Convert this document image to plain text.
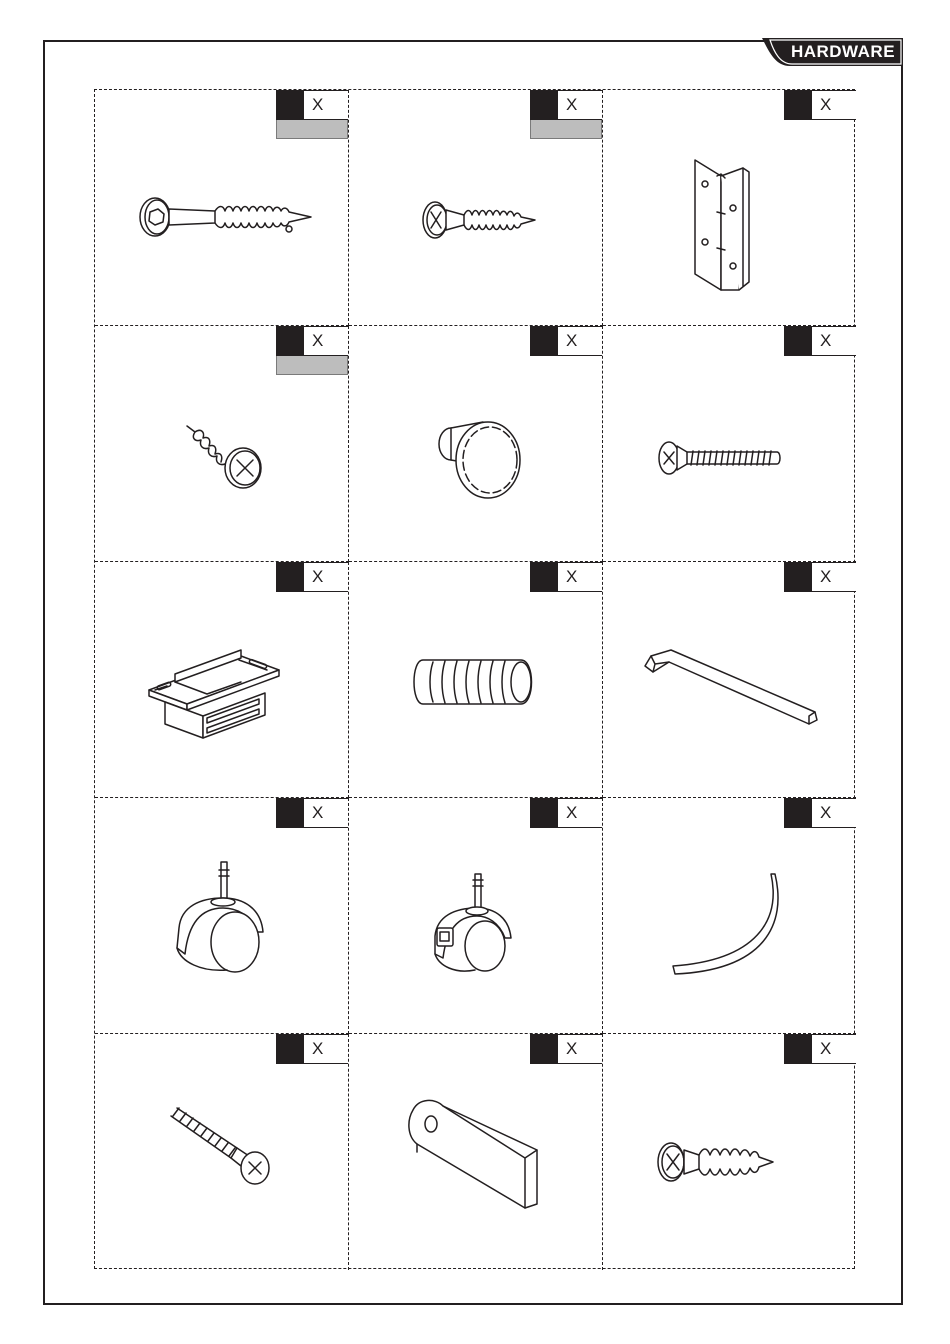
HARDWARE
X	X	X
X	X	X
X	X	X
X	X	X
X	X	X
